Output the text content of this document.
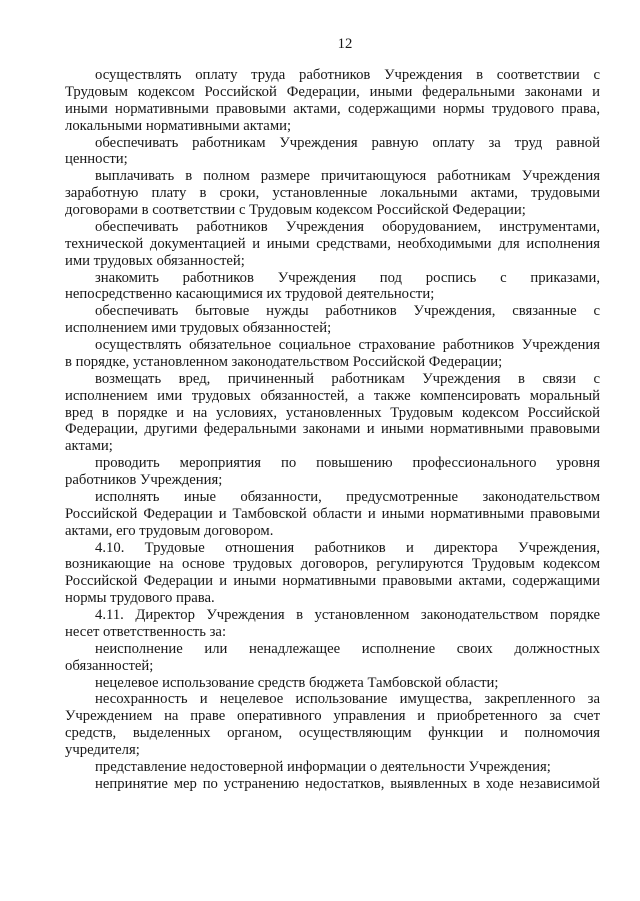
12
осуществлять оплату труда работников Учреждения в соответствии с
Трудовым кодексом Российской Федерации, иными федеральными законами и
иными нормативными правовыми актами, содержащими нормы трудового права,
локальными нормативными актами;
обеспечивать работникам Учреждения равную оплату за труд равной
ценности;
выплачивать в полном размере причитающуюся работникам Учреждения
заработную плату в сроки, установленные локальными актами, трудовыми
договорами в соответствии с Трудовым кодексом Российской Федерации;
обеспечивать работников Учреждения оборудованием, инструментами,
технической документацией и иными средствами, необходимыми для исполнения
ими трудовых обязанностей;
знакомить работников Учреждения под роспись с приказами,
непосредственно касающимися их трудовой деятельности;
обеспечивать бытовые нужды работников Учреждения, связанные с
исполнением ими трудовых обязанностей;
осуществлять обязательное социальное страхование работников Учреждения
в порядке, установленном законодательством Российской Федерации;
возмещать вред, причиненный работникам Учреждения в связи с
исполнением ими трудовых обязанностей, а также компенсировать моральный
вред в порядке и на условиях, установленных Трудовым кодексом Российской
Федерации, другими федеральными законами и иными нормативными правовыми
актами;
проводить мероприятия по повышению профессионального уровня
работников Учреждения;
исполнять иные обязанности, предусмотренные законодательством
Российской Федерации и Тамбовской области и иными нормативными правовыми
актами, его трудовым договором.
4.10. Трудовые отношения работников и директора Учреждения,
возникающие на основе трудовых договоров, регулируются Трудовым кодексом
Российской Федерации и иными нормативными правовыми актами, содержащими
нормы трудового права.
4.11. Директор Учреждения в установленном законодательством порядке
несет ответственность за:
неисполнение или ненадлежащее исполнение своих должностных
обязанностей;
нецелевое использование средств бюджета Тамбовской области;
несохранность и нецелевое использование имущества, закрепленного за
Учреждением на праве оперативного управления и приобретенного за счет
средств, выделенных органом, осуществляющим функции и полномочия
учредителя;
представление недостоверной информации о деятельности Учреждения;
непринятие мер по устранению недостатков, выявленных в ходе независимой
